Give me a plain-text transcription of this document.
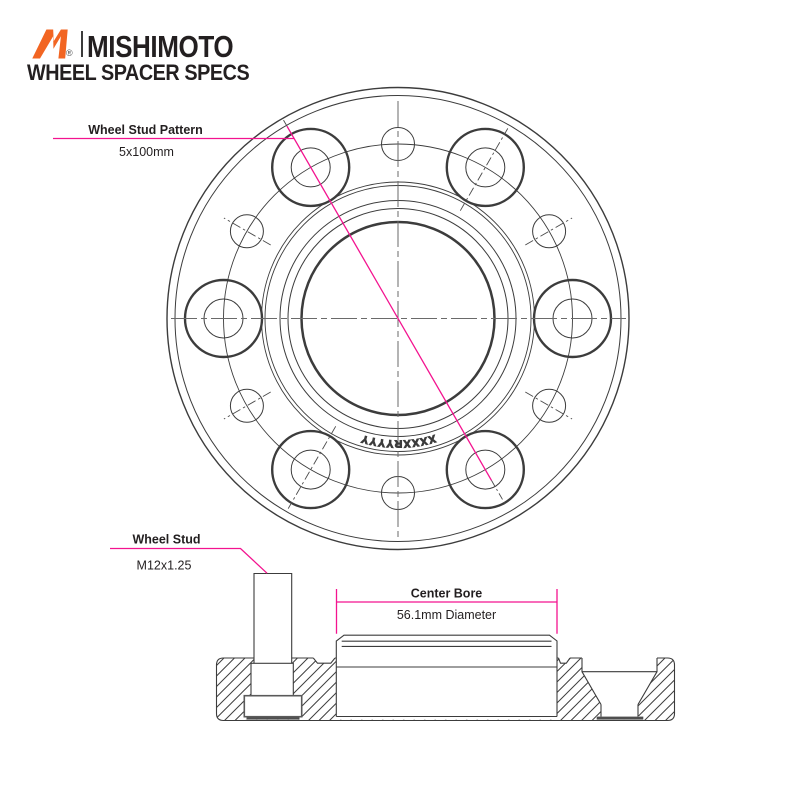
® MISHIMOTO
WHEEL SPACER SPECS
XXXXRYYYY
Wheel Stud Pattern
5x100mm
Wheel Stud
M12x1.25
Center Bore
56.1mm Diameter
